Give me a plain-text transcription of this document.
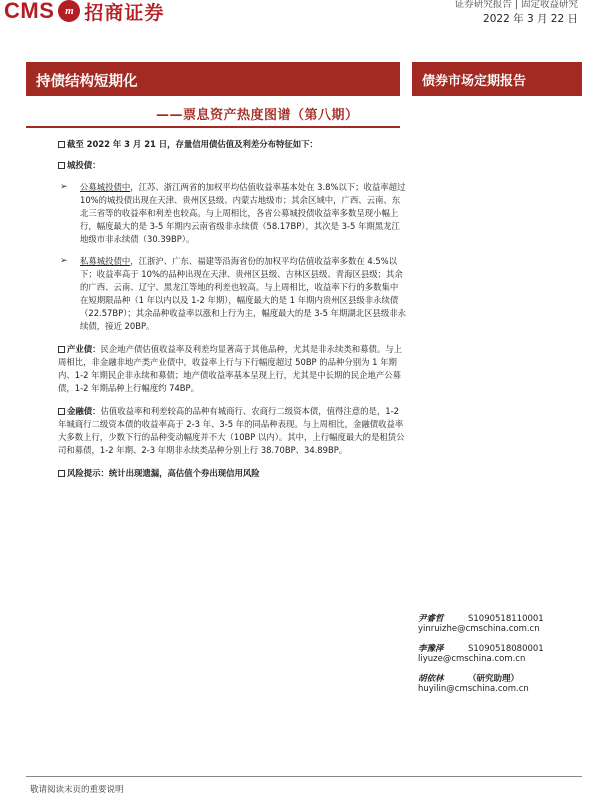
CMS m 招商证券	证券研究报告 | 固定收益研究
2022 年 3 月 22 日
持债结构短期化
——票息资产热度图谱（第八期）
债券市场定期报告

截至 2022 年 3 月 21 日，存量信用债估值及利差分布特征如下：

城投债：

➢ 公募城投债中，江苏、浙江两省的加权平均估值收益率基本处在 3.8%以下；收益率超过 10%的城投债出现在天津、贵州区县级、内蒙古地级市；其余区域中，广西、云南、东北三省等的收益率和利差也较高。与上周相比，各省公募城投债收益率多数呈现小幅上行，幅度最大的是 3-5 年期内云南省级非永续债（58.17BP），其次是 3-5 年期黑龙江地级市非永续债（30.39BP）。
➢ 私募城投债中，江浙沪、广东、福建等沿海省份的加权平均估值收益率多数在 4.5%以下；收益率高于 10%的品种出现在天津、贵州区县级、吉林区县级、青海区县级；其余的广西、云南、辽宁、黑龙江等地的利差也较高。与上周相比，收益率下行的多数集中在短期限品种（1 年以内以及 1-2 年期），幅度最大的是 1 年期内贵州区县级非永续债（22.57BP）；其余品种收益率以涨和上行为主，幅度最大的是 3-5 年期湖北区县级非永续债，接近 20BP。

产业债：民企地产债估值收益率及利差均显著高于其他品种，尤其是非永续类和募债。与上周相比，非金融非地产类产业债中，收益率上行与下行幅度超过 50BP 的品种分别为 1 年期内、1-2 年期民企非永续和募债；地产债收益率基本呈现上行，尤其是中长期的民企地产公募债，1-2 年期品种上行幅度约 74BP。

金融债：估值收益率和利差较高的品种有城商行、农商行二级资本债，值得注意的是，1-2 年城商行二级资本债的收益率高于 2-3 年、3-5 年的同品种表现。与上周相比，金融债收益率大多数上行，少数下行的品种变动幅度并不大（10BP 以内）。其中，上行幅度最大的是租赁公司和募债，1-2 年期、2-3 年期非永续类品种分别上行 38.70BP、34.89BP。

风险提示：统计出现遗漏，高估值个券出现信用风险

尹睿哲	S1090518110001
yinruizhe@cmschina.com.cn
李豫泽	S1090518080001
liyuze@cmschina.com.cn
胡依林	（研究助理）
huyilin@cmschina.com.cn
敬请阅读末页的重要说明
